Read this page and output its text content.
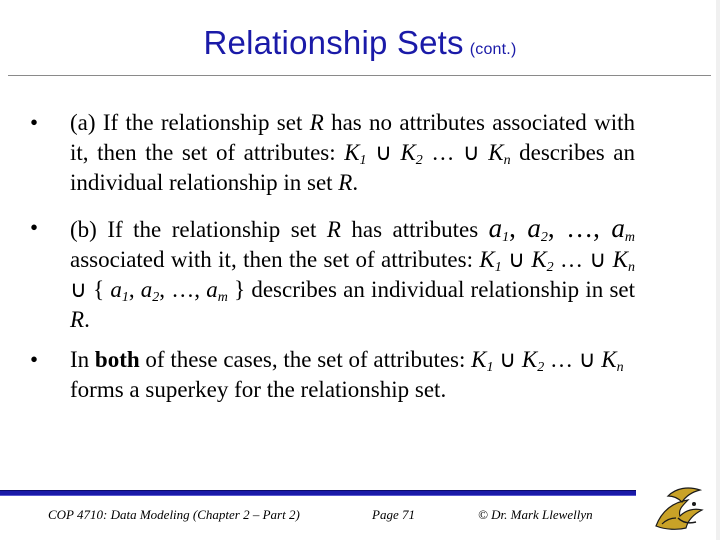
Relationship Sets (cont.)
•	(a) If the relationship set R has no attributes associated with it, then the set of attributes: $K_1$ ∪ $K_2$ … ∪ $K_n$ describes an individual relationship in set R.
•	(b) If the relationship set R has attributes $a_1$, $a_2$, …, $a_m$ associated with it, then the set of attributes: $K_1$ ∪ $K_2$ … ∪ $K_n$ ∪ { $a_1$, $a_2$, …, $a_m$ } describes an individual relationship in set R.
•	In both of these cases, the set of attributes: $K_1$ ∪ $K_2$ … ∪ $K_n$ forms a superkey for the relationship set.
COP 4710: Data Modeling (Chapter 2 – Part 2)	Page 71	© Dr. Mark Llewellyn
